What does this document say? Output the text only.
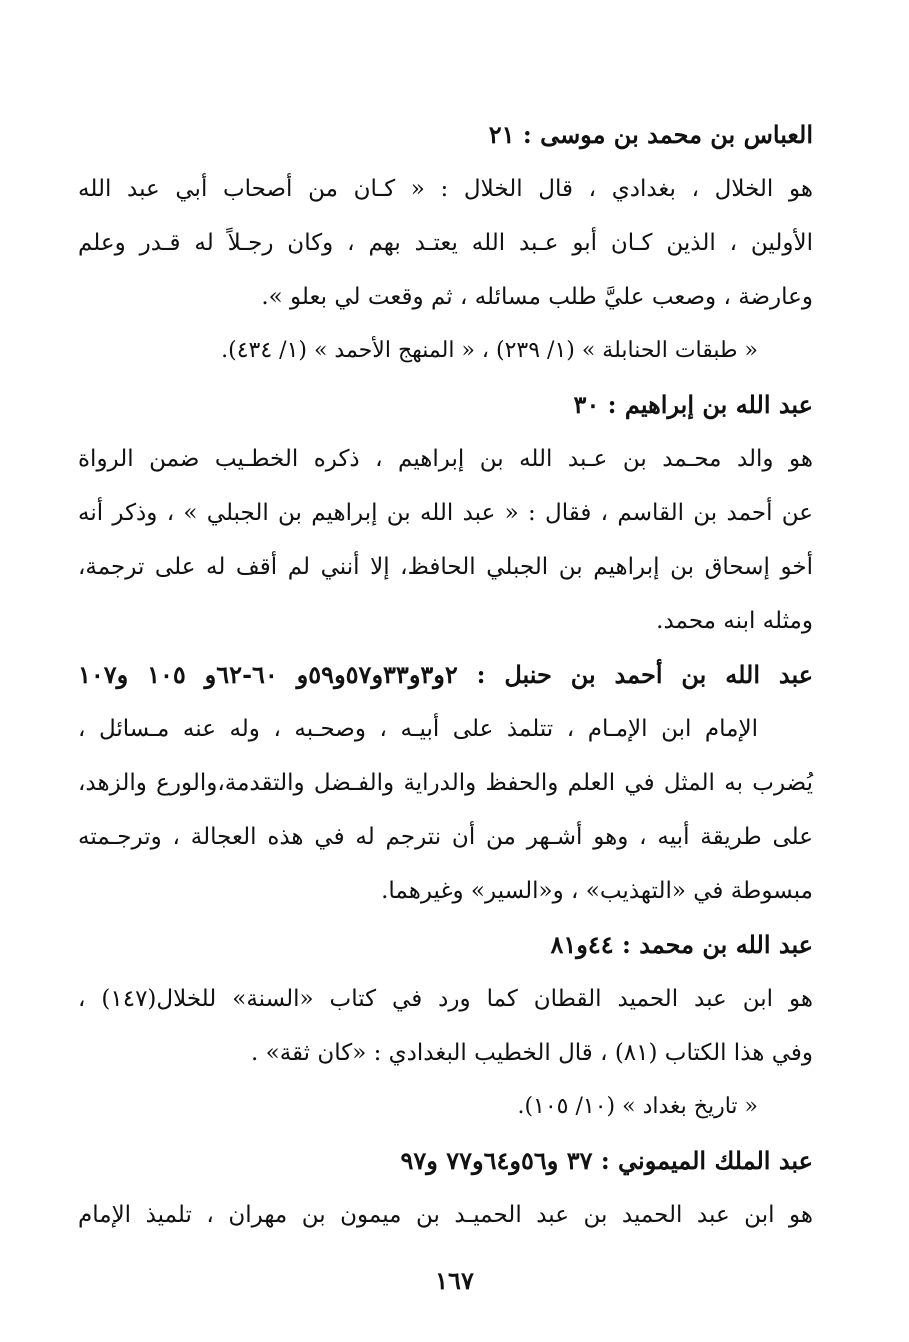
العباس بن محمد بن موسى : ٢١
هو الخلال ، بغدادي ، قال الخلال : « كـان من أصحاب أبي عبد الله
الأولين ، الذين كـان أبو عـبد الله يعتـد بهم ، وكان رجـلاً له قـدر وعلم
وعارضة ، وصعب عليَّ طلب مسائله ، ثم وقعت لي بعلو ».
« طبقات الحنابلة » (١/ ٢٣٩) ، « المنهج الأحمد » (١/ ٤٣٤).
عبد الله بن إبراهيم : ٣٠
هو والد محـمد بن عـبد الله بن إبراهيم ، ذكره الخطـيب ضمن الرواة
عن أحمد بن القاسم ، فقال : « عبد الله بن إبراهيم بن الجبلي » ، وذكر أنه
أخو إسحاق بن إبراهيم بن الجبلي الحافظ، إلا أنني لم أقف له على ترجمة،
ومثله ابنه محمد.
عبد الله بن أحمد بن حنبل : ٢و٣و٣٣و٥٧و٥٩و ٦٠-٦٢و ١٠٥ و١٠٧
الإمام ابن الإمـام ، تتلمذ على أبيـه ، وصحـبه ، وله عنه مـسائل ،
يُضرب به المثل في العلم والحفظ والدراية والفـضل والتقدمة،والورع والزهد،
على طريقة أبيه ، وهو أشـهر من أن نترجم له في هذه العجالة ، وترجـمته
مبسوطة في «التهذيب» ، و«السير» وغيرهما.
عبد الله بن محمد : ٤٤و٨١
هو ابن عبد الحميد القطان كما ورد في كتاب «السنة» للخلال(١٤٧) ،
وفي هذا الكتاب (٨١) ، قال الخطيب البغدادي : «كان ثقة» .
« تاريخ بغداد » (١٠/ ١٠٥).
عبد الملك الميموني : ٣٧ و٥٦و٦٤و٧٧ و٩٧
هو ابن عبد الحميد بن عبد الحميـد بن ميمون بن مهران ، تلميذ الإمام
١٦٧
